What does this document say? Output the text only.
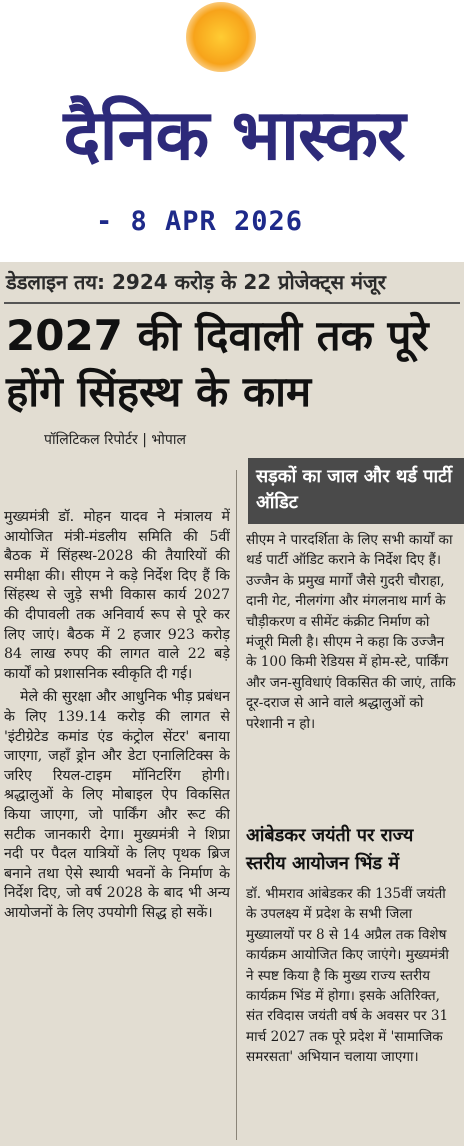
दैनिक भास्कर
- 8 APR 2026
डेडलाइन तय: 2924 करोड़ के 22 प्रोजेक्ट्स मंजूर
2027 की दिवाली तक पूरे होंगे सिंहस्थ के काम
पॉलिटिकल रिपोर्टर | भोपाल

मुख्यमंत्री डॉ. मोहन यादव ने मंत्रालय में आयोजित मंत्री-मंडलीय समिति की 5वीं बैठक में सिंहस्थ-2028 की तैयारियों की समीक्षा की। सीएम ने कड़े निर्देश दिए हैं कि सिंहस्थ से जुड़े सभी विकास कार्य 2027 की दीपावली तक अनिवार्य रूप से पूरे कर लिए जाएं। बैठक में 2 हजार 923 करोड़ 84 लाख रुपए की लागत वाले 22 बड़े कार्यों को प्रशासनिक स्वीकृति दी गई।

मेले की सुरक्षा और आधुनिक भीड़ प्रबंधन के लिए 139.14 करोड़ की लागत से 'इंटीग्रेटेड कमांड एंड कंट्रोल सेंटर' बनाया जाएगा, जहाँ ड्रोन और डेटा एनालिटिक्स के जरिए रियल-टाइम मॉनिटरिंग होगी। श्रद्धालुओं के लिए मोबाइल ऐप विकसित किया जाएगा, जो पार्किंग और रूट की सटीक जानकारी देगा। मुख्यमंत्री ने शिप्रा नदी पर पैदल यात्रियों के लिए पृथक ब्रिज बनाने तथा ऐसे स्थायी भवनों के निर्माण के निर्देश दिए, जो वर्ष 2028 के बाद भी अन्य आयोजनों के लिए उपयोगी सिद्ध हो सकें।

सड़कों का जाल और थर्ड पार्टी ऑडिट

सीएम ने पारदर्शिता के लिए सभी कार्यों का थर्ड पार्टी ऑडिट कराने के निर्देश दिए हैं। उज्जैन के प्रमुख मार्गों जैसे गुदरी चौराहा, दानी गेट, नीलगंगा और मंगलनाथ मार्ग के चौड़ीकरण व सीमेंट कंक्रीट निर्माण को मंजूरी मिली है। सीएम ने कहा कि उज्जैन के 100 किमी रेडियस में होम-स्टे, पार्किंग और जन-सुविधाएं विकसित की जाएं, ताकि दूर-दराज से आने वाले श्रद्धालुओं को परेशानी न हो।

आंबेडकर जयंती पर राज्य स्तरीय आयोजन भिंड में

डॉ. भीमराव आंबेडकर की 135वीं जयंती के उपलक्ष्य में प्रदेश के सभी जिला मुख्यालयों पर 8 से 14 अप्रैल तक विशेष कार्यक्रम आयोजित किए जाएंगे। मुख्यमंत्री ने स्पष्ट किया है कि मुख्य राज्य स्तरीय कार्यक्रम भिंड में होगा। इसके अतिरिक्त, संत रविदास जयंती वर्ष के अवसर पर 31 मार्च 2027 तक पूरे प्रदेश में 'सामाजिक समरसता' अभियान चलाया जाएगा।
